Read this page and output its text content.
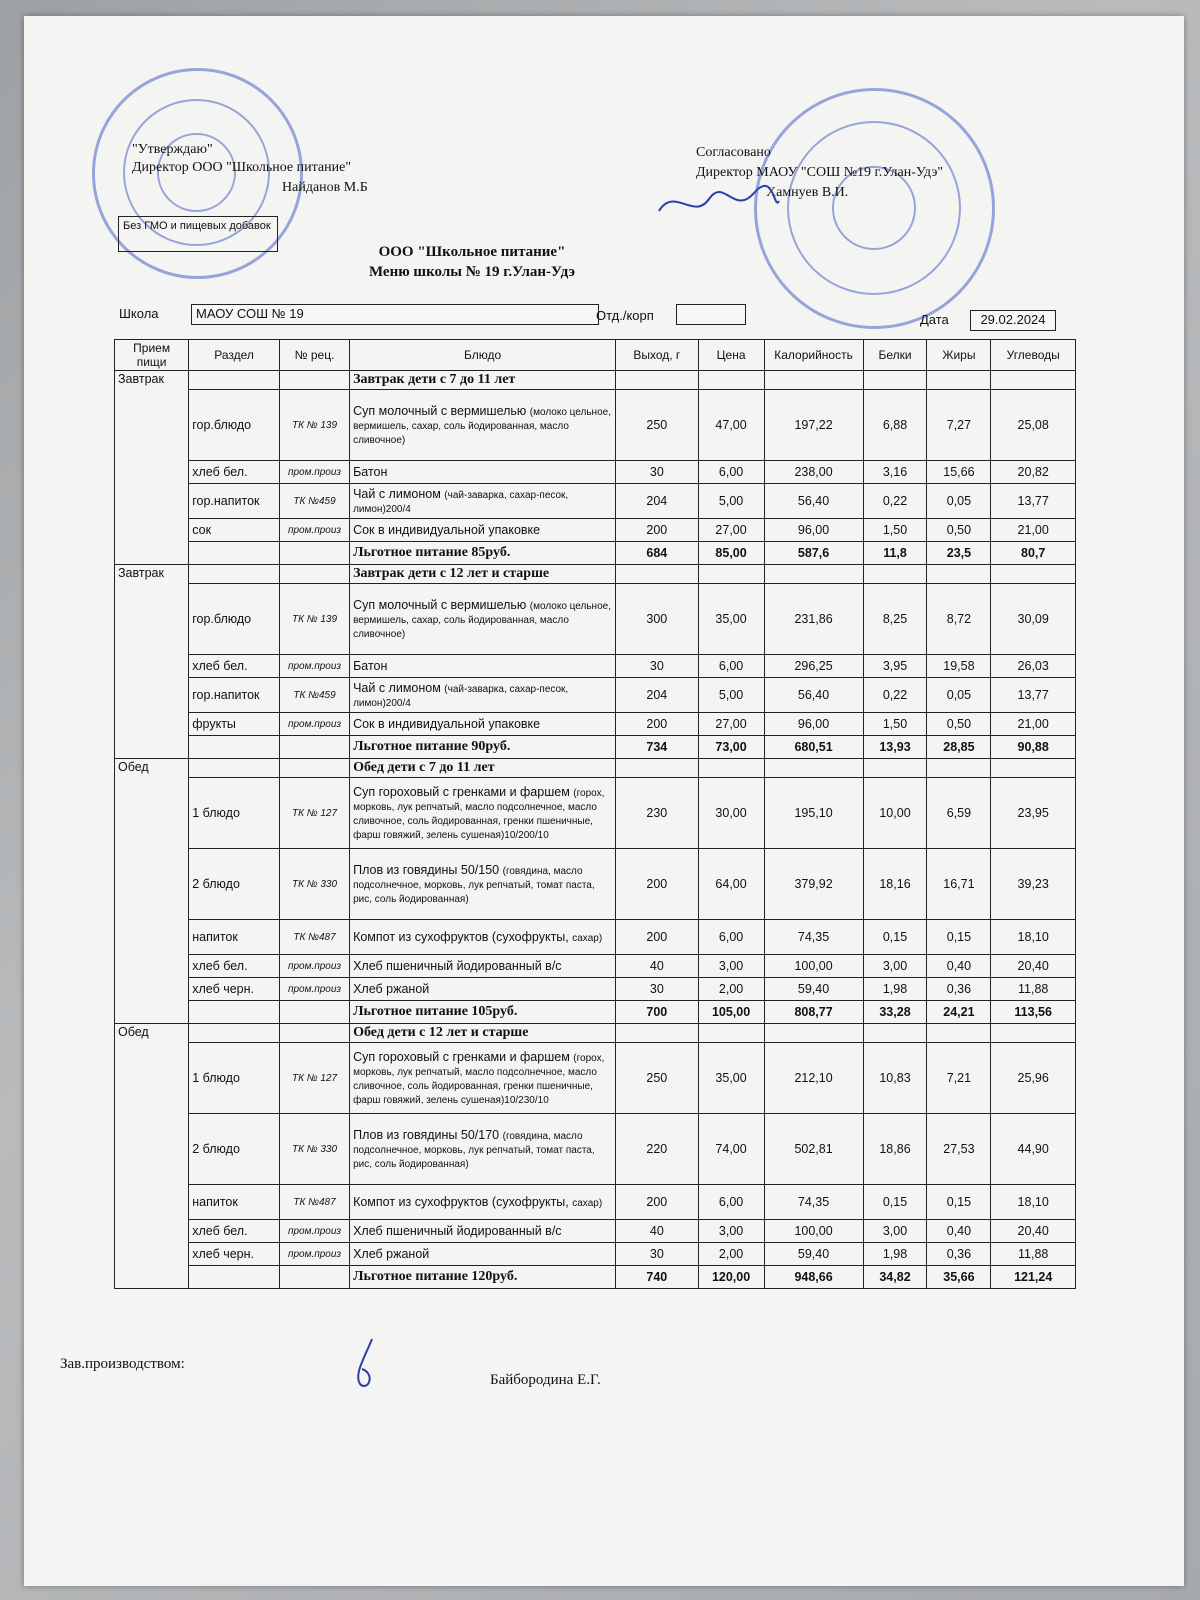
"Утверждаю"
Директор ООО "Школьное питание"
Найданов М.Б
Без ГМО и пищевых добавок
Согласовано
Директор МАОУ "СОШ №19 г.Улан-Удэ"
Хамнуев В.И.
ООО "Школьное питание"
Меню школы № 19 г.Улан-Удэ
Школа	МАОУ СОШ № 19	Отд./корп	Дата	29.02.2024
Прием пищи	Раздел	№ рец.	Блюдо	Выход, г	Цена	Калорийность	Белки	Жиры	Углеводы
Завтрак			Завтрак дети с 7 до 11 лет						
	гор.блюдо	ТК № 139	Суп молочный с вермишелью (молоко цельное, вермишель, сахар, соль йодированная, масло сливочное)	250	47,00	197,22	6,88	7,27	25,08
	хлеб бел.	пром.произ	Батон	30	6,00	238,00	3,16	15,66	20,82
	гор.напиток	ТК №459	Чай с лимоном (чай-заварка, сахар-песок, лимон)200/4	204	5,00	56,40	0,22	0,05	13,77
	сок	пром.произ	Сок в индивидуальной упаковке	200	27,00	96,00	1,50	0,50	21,00
			Льготное питание 85руб.	684	85,00	587,6	11,8	23,5	80,7
Завтрак			Завтрак дети с 12 лет и старше						
	гор.блюдо	ТК № 139	Суп молочный с вермишелью (молоко цельное, вермишель, сахар, соль йодированная, масло сливочное)	300	35,00	231,86	8,25	8,72	30,09
	хлеб бел.	пром.произ	Батон	30	6,00	296,25	3,95	19,58	26,03
	гор.напиток	ТК №459	Чай с лимоном (чай-заварка, сахар-песок, лимон)200/4	204	5,00	56,40	0,22	0,05	13,77
	фрукты	пром.произ	Сок в индивидуальной упаковке	200	27,00	96,00	1,50	0,50	21,00
			Льготное питание 90руб.	734	73,00	680,51	13,93	28,85	90,88
Обед			Обед дети с 7 до 11 лет						
	1 блюдо	ТК № 127	Суп гороховый с гренками и фаршем (горох, морковь, лук репчатый, масло подсолнечное, масло сливочное, соль йодированная, гренки пшеничные, фарш говяжий, зелень сушеная)10/200/10	230	30,00	195,10	10,00	6,59	23,95
	2 блюдо	ТК № 330	Плов из говядины 50/150 (говядина, масло подсолнечное, морковь, лук репчатый, томат паста, рис, соль йодированная)	200	64,00	379,92	18,16	16,71	39,23
	напиток	ТК №487	Компот из сухофруктов (сухофрукты, сахар)	200	6,00	74,35	0,15	0,15	18,10
	хлеб бел.	пром.произ	Хлеб пшеничный йодированный в/с	40	3,00	100,00	3,00	0,40	20,40
	хлеб черн.	пром.произ	Хлеб ржаной	30	2,00	59,40	1,98	0,36	11,88
			Льготное питание 105руб.	700	105,00	808,77	33,28	24,21	113,56
Обед			Обед дети с 12 лет и старше						
	1 блюдо	ТК № 127	Суп гороховый с гренками и фаршем (горох, морковь, лук репчатый, масло подсолнечное, масло сливочное, соль йодированная, гренки пшеничные, фарш говяжий, зелень сушеная)10/230/10	250	35,00	212,10	10,83	7,21	25,96
	2 блюдо	ТК № 330	Плов из говядины 50/170 (говядина, масло подсолнечное, морковь, лук репчатый, томат паста, рис, соль йодированная)	220	74,00	502,81	18,86	27,53	44,90
	напиток	ТК №487	Компот из сухофруктов (сухофрукты, сахар)	200	6,00	74,35	0,15	0,15	18,10
	хлеб бел.	пром.произ	Хлеб пшеничный йодированный в/с	40	3,00	100,00	3,00	0,40	20,40
	хлеб черн.	пром.произ	Хлеб ржаной	30	2,00	59,40	1,98	0,36	11,88
			Льготное питание 120руб.	740	120,00	948,66	34,82	35,66	121,24
Зав.производством:
Байбородина Е.Г.
